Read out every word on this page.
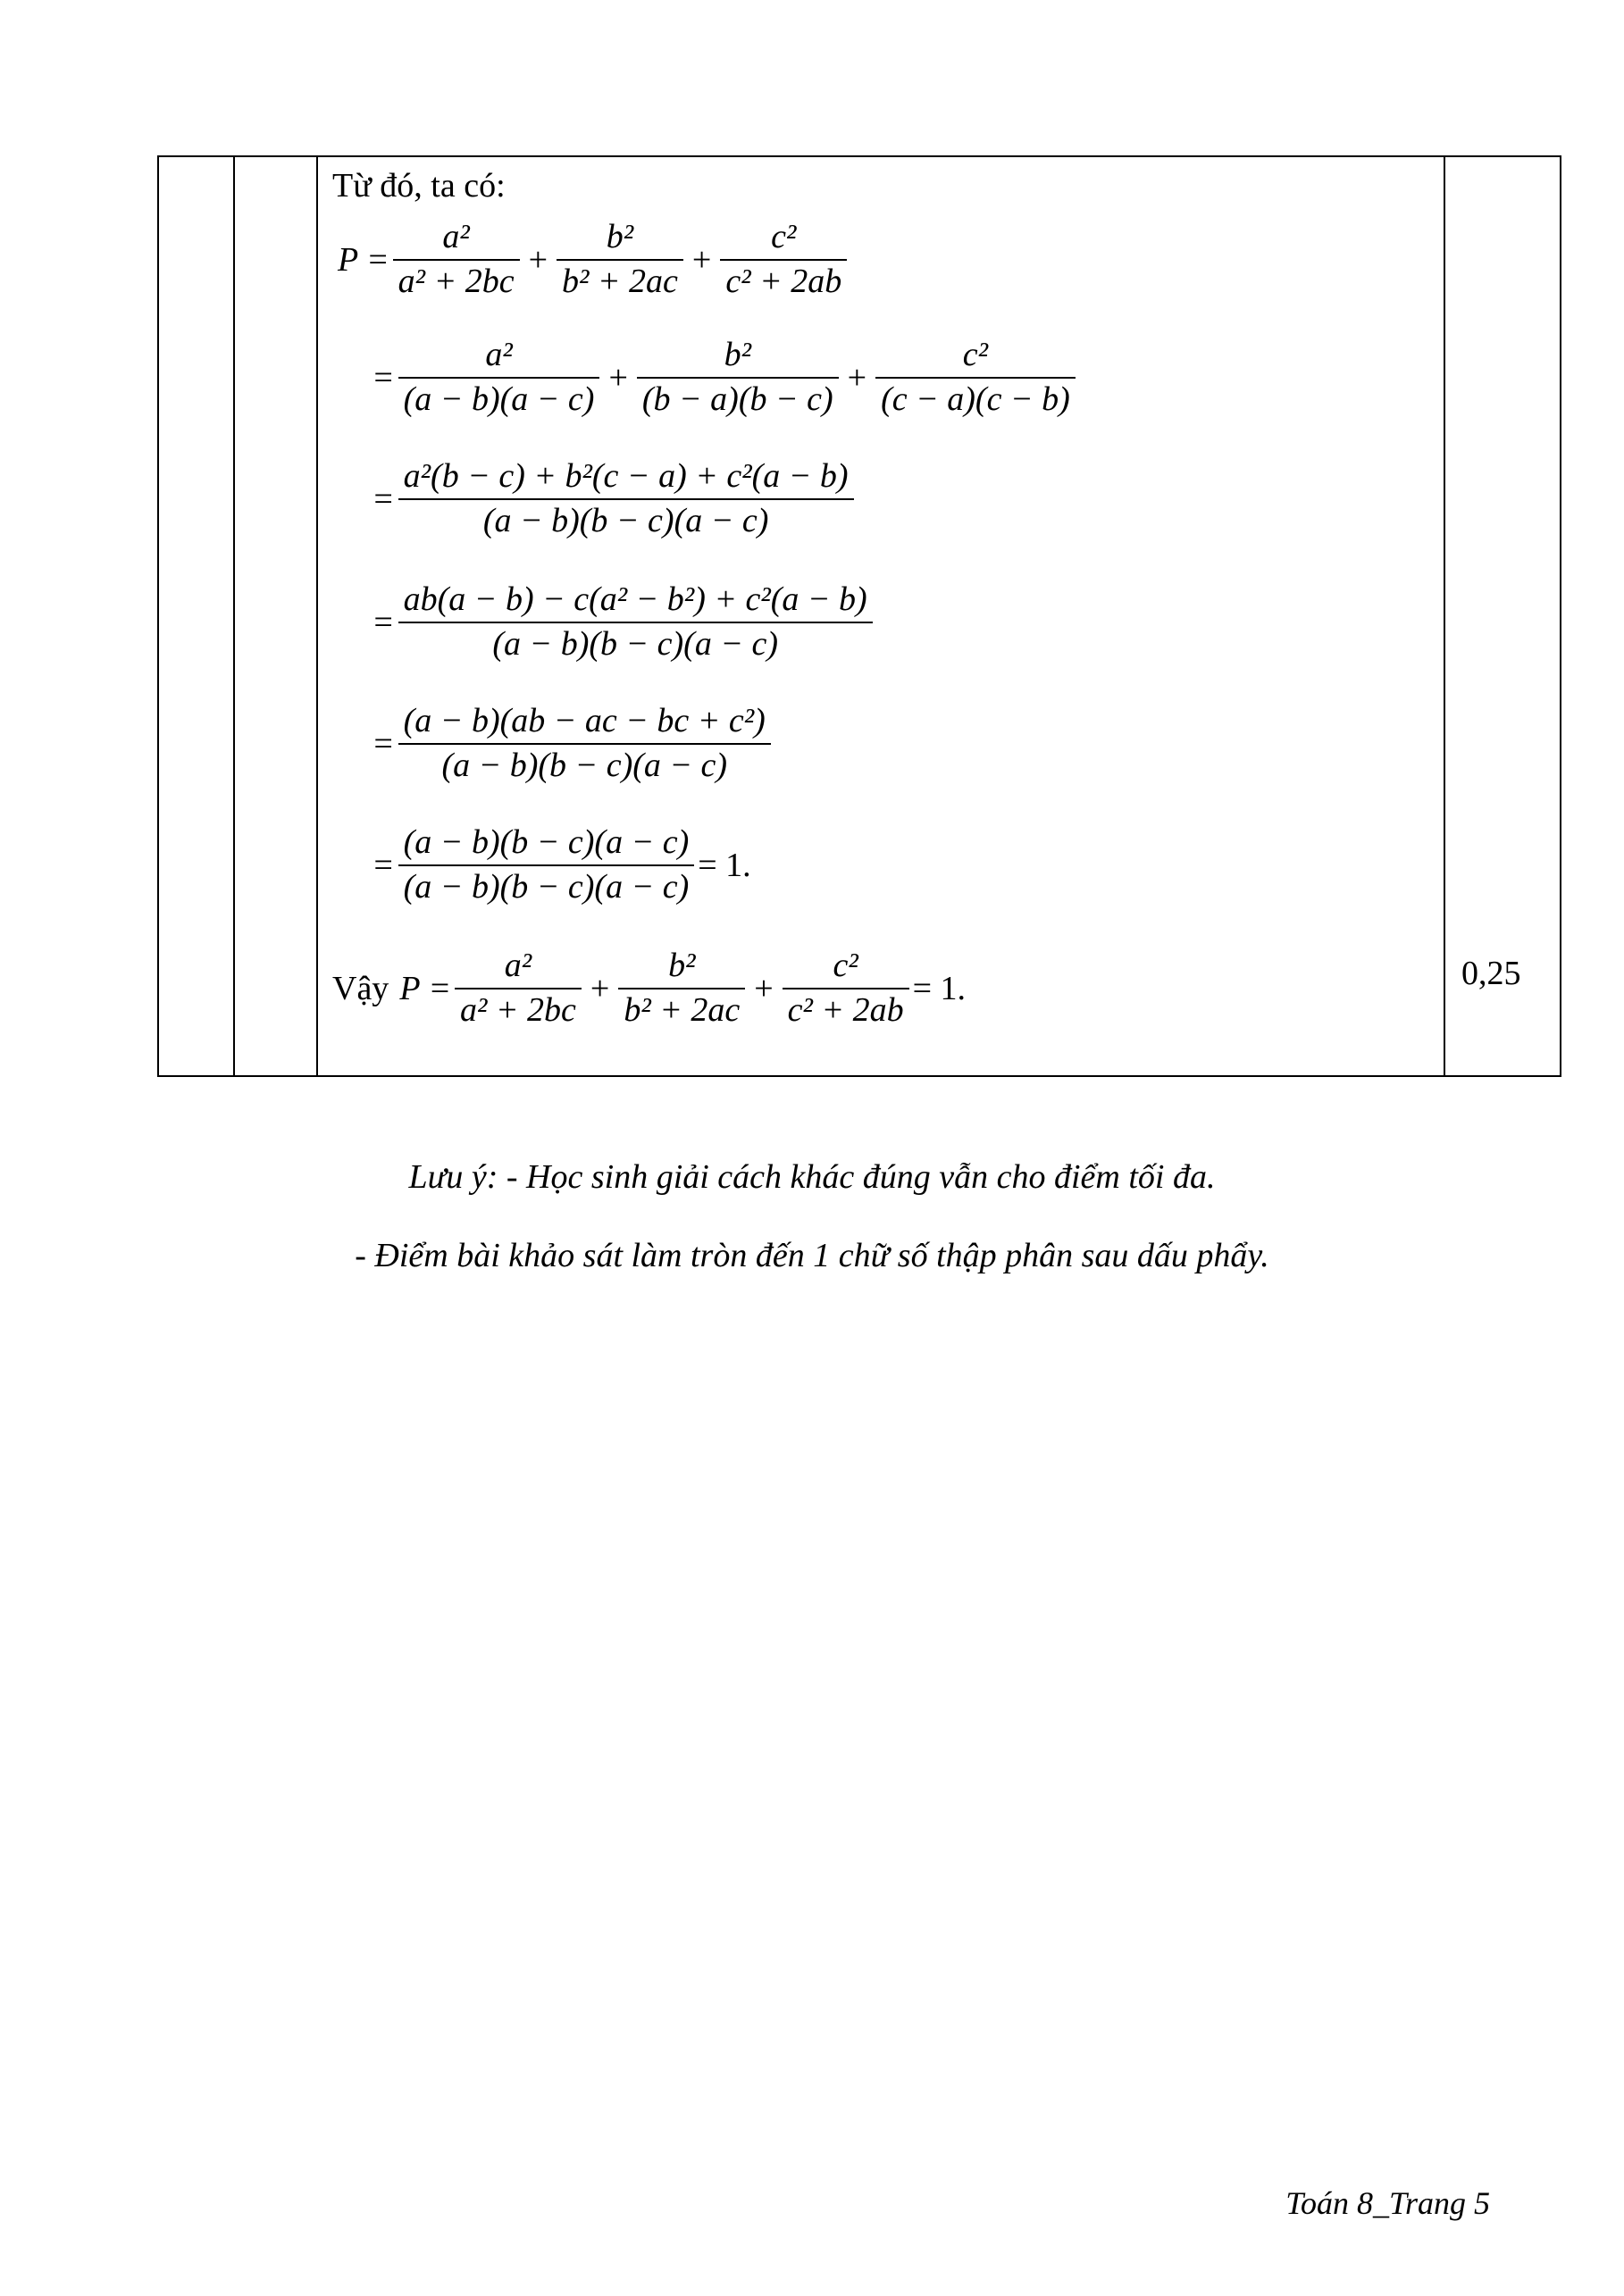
Từ đó, ta có:
$P = \frac{\text{a²}}{\text{a² + 2bc}} + \frac{\text{b²}}{\text{b² + 2ac}} + \frac{\text{c²}}{\text{c² + 2ab}}$
= $\frac{\text{a²}}{(a - b)(a - c)} + \frac{\text{b²}}{(b - a)(b - c)} + \frac{\text{c²}}{(c - a)(c - b)}$
= $\frac{\text{a²(b − c) + b²(c − a) + c²(a − b)}}{(a - b)(b - c)(a - c)}$
= $\frac{\text{ab(a − b) − c(a² − b²) + c²(a − b)}}{(a - b)(b - c)(a - c)}$
= $\frac{\text{(a − b)(ab − ac − bc + c²)}}{(a - b)(b - c)(a - c)}$
= $\frac{(a - b)(b - c)(a - c)}{(a - b)(b - c)(a - c)} = 1$.
Vậy $P = \frac{\text{a²}}{\text{a² + 2bc}} + \frac{\text{b²}}{\text{b² + 2ac}} + \frac{\text{c²}}{\text{c² + 2ab}} = 1$.	0,25
Lưu ý: - Học sinh giải cách khác đúng vẫn cho điểm tối đa.
- Điểm bài khảo sát làm tròn đến 1 chữ số thập phân sau dấu phẩy.
Toán 8_Trang 5
